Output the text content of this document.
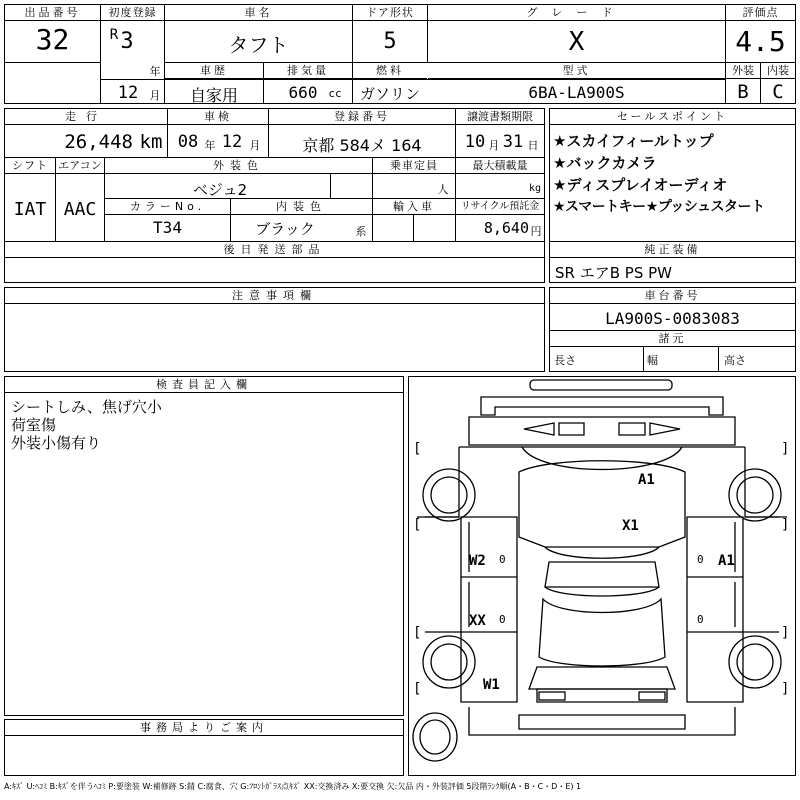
出品番号
32
初度登録
R 3
年
12 月
車名
タフト
ドア形状
5
グレード
X
評価点
4.5
外装	内装
B	C
車歴
自家用
排気量
660 cc
燃料
ガソリン
型式
6BA-LA900S
走行
26,448 km
車検
08 年 12 月
登録番号
京都 584メ 164
譲渡書類期限
10 月 31 日
シフト
IAT
エアコン
AAC
外装色
ベジュ2
乗車定員
人
最大積載量
kg
カラーNo.
T34
内装色
ブラック	系
輸入車	リサイクル預託金
8,640 円
後日発送部品
注意事項欄
セールスポイント
★スカイフィールトップ
★バックカメラ
★ディスプレイオーディオ
★スマートキー★プッシュスタート
純正装備
SR エアB PS PW
車台番号
LA900S-0083083
諸元
長さ	幅	高さ
検査員記入欄
シートしみ、焦げ穴小
荷室傷
外装小傷有り
事務局よりご案内
[	]
[	]
[	]
[	]
A1
X1
W2	A1
XX
W1
0	0
0	0
A:ｷｽﾞ U:ﾍｺﾐ B:ｷｽﾞを伴うﾍｺﾐ P:要塗装 W:補修跡 S:錆 C:腐食、穴 G:ﾌﾛﾝﾄｶﾞﾗｽ点ｷｽﾞ XX:交換済み X:要交換 欠:欠品 内・外装評価 5段階ﾗﾝｸ順(A・B・C・D・E) 1
